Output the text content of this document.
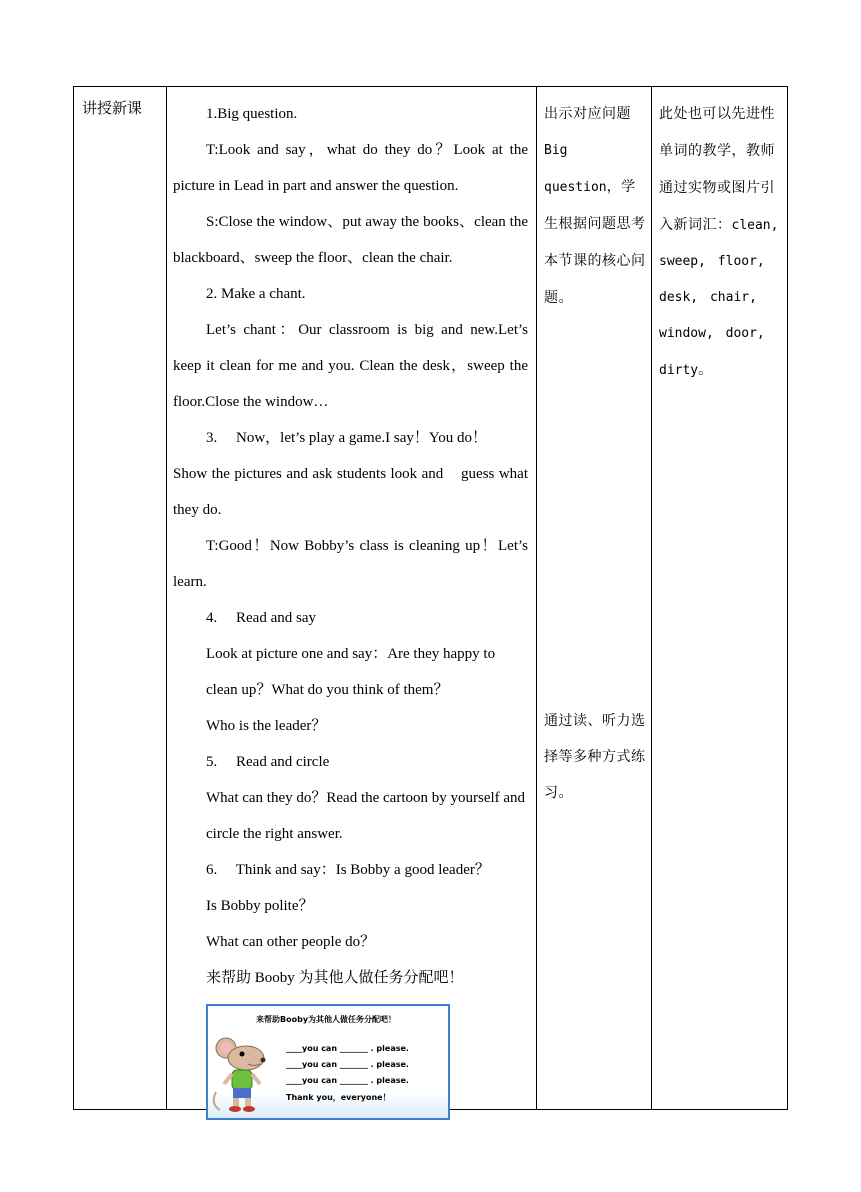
讲授新课	1.Big question.

T:Look and say，what do they do？Look at the picture in Lead in part and answer the question.

S:Close the window、put away the books、clean the blackboard、sweep the floor、clean the chair.

2. Make a chant.

Let’s chant：Our classroom is big and new.Let’s keep it clean for me and you. Clean the desk，sweep the floor.Close the window…

3.     Now，let’s play a game.I say！You do！

Show the pictures and ask students look and    guess what they do.

T:Good！Now Bobby’s class is cleaning up！Let’s learn.

4.     Read and say

Look at picture one and say：Are they happy to clean up？What do you think of them？

Who is the leader？

5.     Read and circle

What can they do？Read the cartoon by yourself and circle the right answer.

6.     Think and say：Is Bobby a good leader？

Is Bobby polite？

What can other people do？

来帮助 Booby 为其他人做任务分配吧！

来帮助Booby为其他人做任务分配吧！
____you can _______ . please.
____you can _______ . please.
____you can _______ . please.
Thank you，everyone！
出示对应问题Big question，学生根据问题思考本节课的核心问题。
通过读、听力选择等多种方式练习。
此处也可以先进性单词的教学，教师通过实物或图片引入新词汇：clean, sweep, floor, desk, chair, window, door, dirty。
